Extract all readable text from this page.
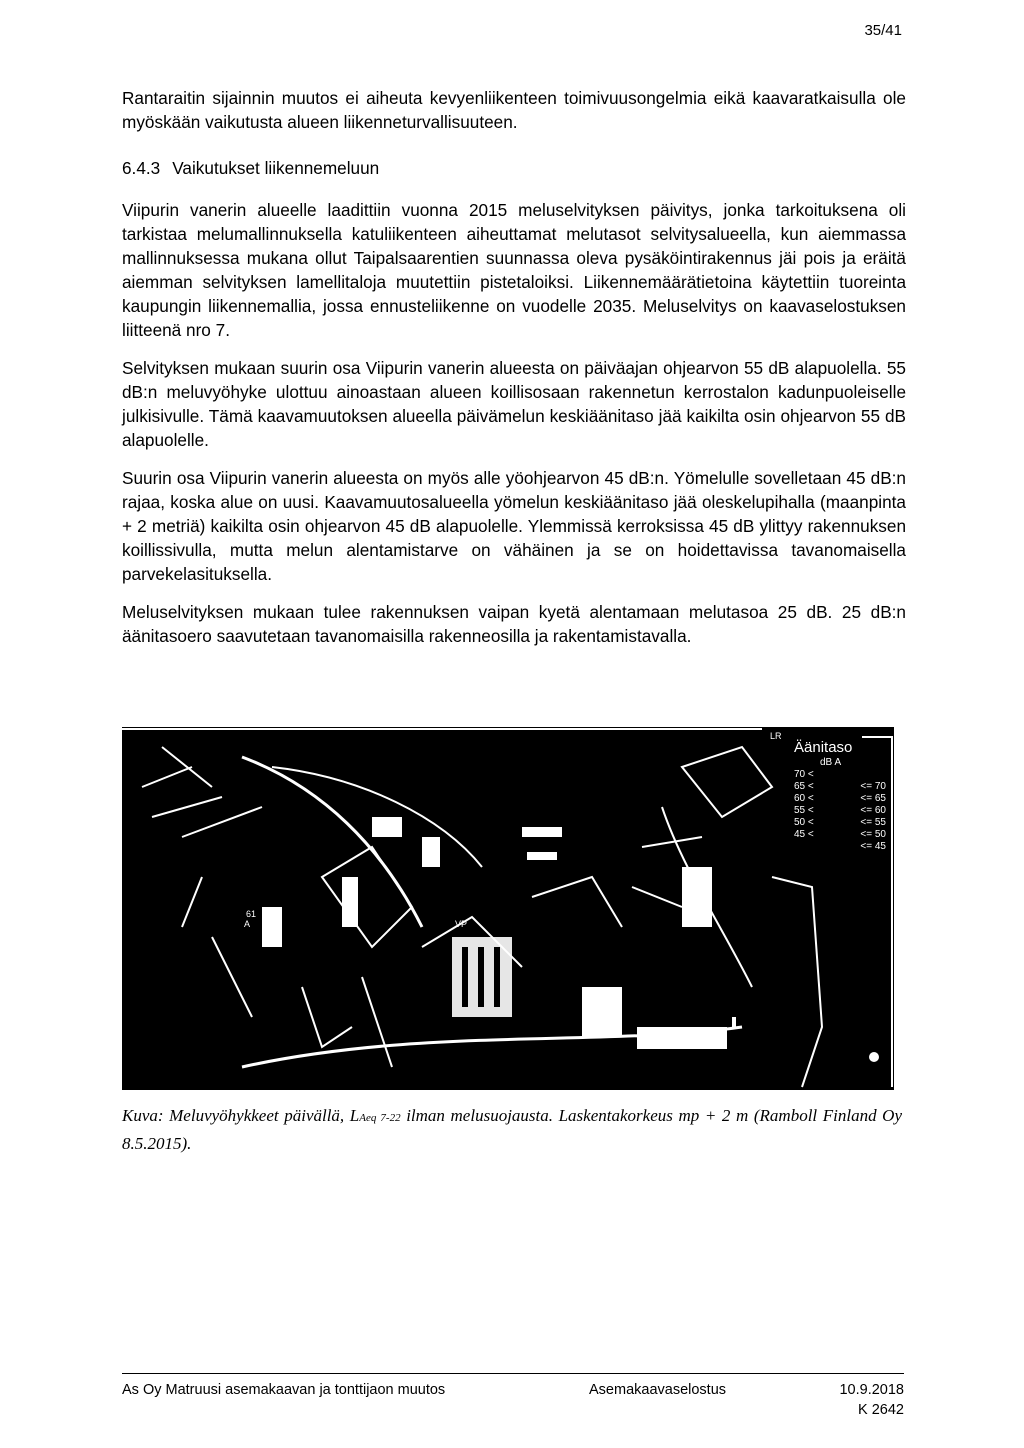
35/41

Rantaraitin sijainnin muutos ei aiheuta kevyenliikenteen toimivuusongelmia eikä kaavaratkaisulla ole myöskään vaikutusta alueen liikenneturvallisuuteen.

6.4.3 Vaikutukset liikennemeluun

Viipurin vanerin alueelle laadittiin vuonna 2015 meluselvityksen päivitys, jonka tarkoituksena oli tarkistaa melumallinnuksella katuliikenteen aiheuttamat melutasot selvitysalueella, kun aiemmassa mallinnuksessa mukana ollut Taipalsaarentien suunnassa oleva pysäköintirakennus jäi pois ja eräitä aiemman selvityksen lamellitaloja muutettiin pistetaloiksi. Liikennemäärätietoina käytettiin tuoreinta kaupungin liikennemallia, jossa ennusteliikenne on vuodelle 2035. Meluselvitys on kaavaselostuksen liitteenä nro 7.

Selvityksen mukaan suurin osa Viipurin vanerin alueesta on päiväajan ohjearvon 55 dB alapuolella. 55 dB:n meluvyöhyke ulottuu ainoastaan alueen koillisosaan rakennetun kerrostalon kadunpuoleiselle julkisivulle. Tämä kaavamuutoksen alueella päivämelun keskiäänitaso jää kaikilta osin ohjearvon 55 dB alapuolelle.

Suurin osa Viipurin vanerin alueesta on myös alle yöohjearvon 45 dB:n. Yömelulle sovelletaan 45 dB:n rajaa, koska alue on uusi. Kaavamuutosalueella yömelun keskiäänitaso jää oleskelupihalla (maanpinta + 2 metriä) kaikilta osin ohjearvon 45 dB alapuolelle. Ylemmissä kerroksissa 45 dB ylittyy rakennuksen koillissivulla, mutta melun alentamistarve on vähäinen ja se on hoidettavissa tavanomaisella parvekelasituksella.

Meluselvityksen mukaan tulee rakennuksen vaipan kyetä alentamaan melutasoa 25 dB. 25 dB:n äänitasoero saavutetaan tavanomaisilla rakenneosilla ja rakentamistavalla.

VP
LR
61
A
Äänitaso
dB A
70 <
65 <	<= 70
60 <	<= 65
55 <	<= 60
50 <	<= 55
45 <	<= 50
<= 45
Kuva: Meluvyöhykkeet päivällä, LAeq 7-22 ilman melusuojausta. Laskentakorkeus mp + 2 m (Ramboll Finland Oy 8.5.2015).
As Oy Matruusi asemakaavan ja tonttijaon muutos	Asemakaavaselostus	10.9.2018
K 2642
